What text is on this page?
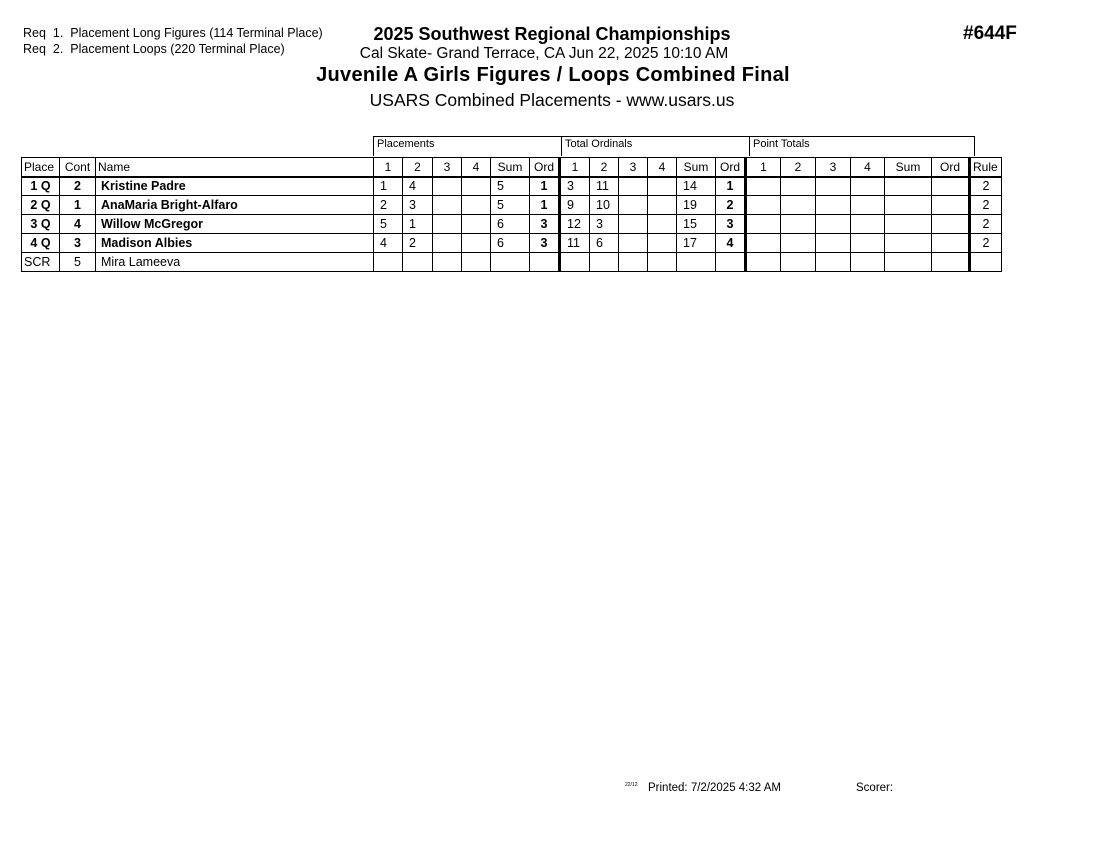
Req  1.  Placement Long Figures (114 Terminal Place)
Req  2.  Placement Loops (220 Terminal Place)
2025 Southwest Regional Championships
Cal Skate- Grand Terrace, CA Jun 22, 2025 10:10 AM
Juvenile A Girls Figures / Loops Combined Final
USARS Combined Placements - www.usars.us
#644F
Placements	Total Ordinals	Point Totals
Place	Cont	Name	1	2	3	4	Sum	Ord	1	2	3	4	Sum	Ord	1	2	3	4	Sum	Ord	Rule
1 Q	2	Kristine Padre	1	4			5	1	3	11			14	1							2
2 Q	1	AnaMaria Bright-Alfaro	2	3			5	1	9	10			19	2							2
3 Q	4	Willow McGregor	5	1			6	3	12	3			15	3							2
4 Q	3	Madison Albies	4	2			6	3	11	6			17	4							2
SCR	5	Mira Lameeva																			
22/12 Printed: 7/2/2025 4:32 AM	Scorer:
